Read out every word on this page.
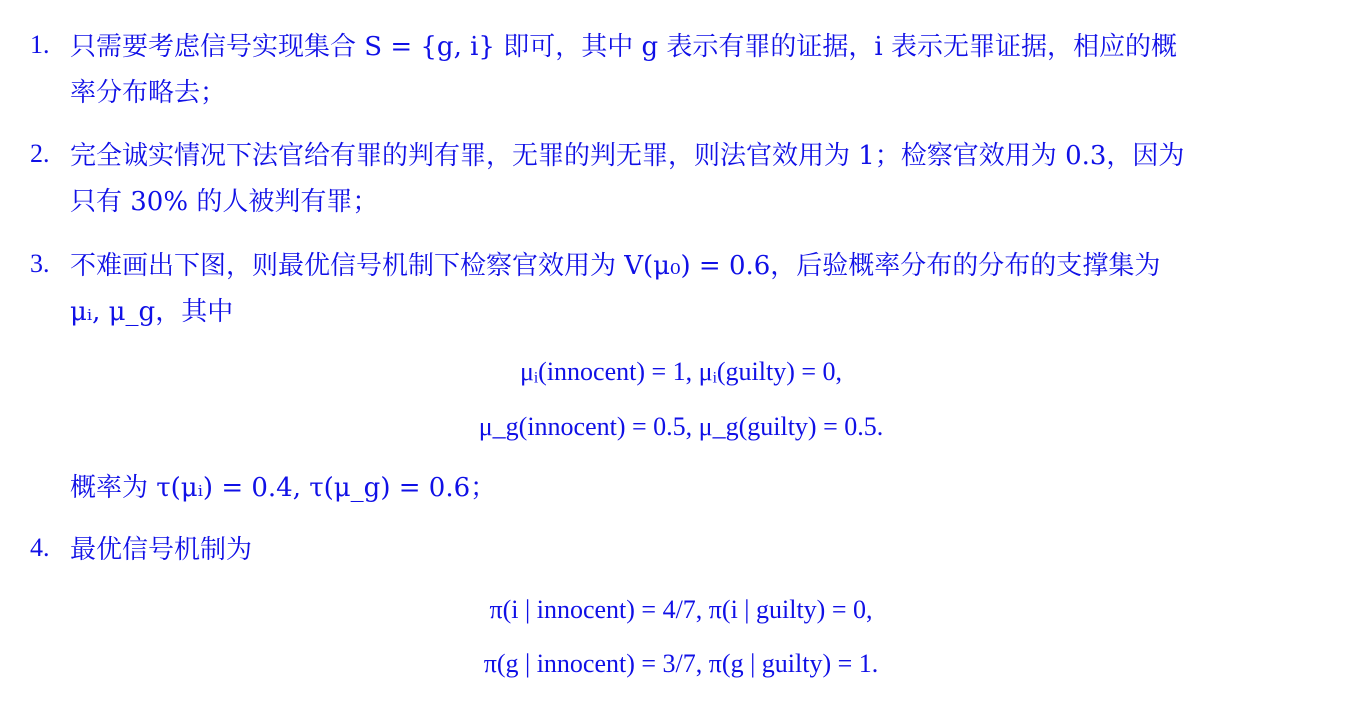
1. 只需要考虑信号实现集合 S = {g, i} 即可，其中 g 表示有罪的证据，i 表示无罪证据，相应的概
率分布略去；
2. 完全诚实情况下法官给有罪的判有罪，无罪的判无罪，则法官效用为 1；检察官效用为 0.3，因为
只有 30% 的人被判有罪；
3. 不难画出下图，则最优信号机制下检察官效用为 V(μ₀) = 0.6，后验概率分布的分布的支撑集为
μᵢ, μ_g，其中
μᵢ(innocent) = 1, μᵢ(guilty) = 0,
μ_g(innocent) = 0.5, μ_g(guilty) = 0.5.
概率为 τ(μᵢ) = 0.4, τ(μ_g) = 0.6；
4. 最优信号机制为
π(i | innocent) = 4/7, π(i | guilty) = 0,
π(g | innocent) = 3/7, π(g | guilty) = 1.
